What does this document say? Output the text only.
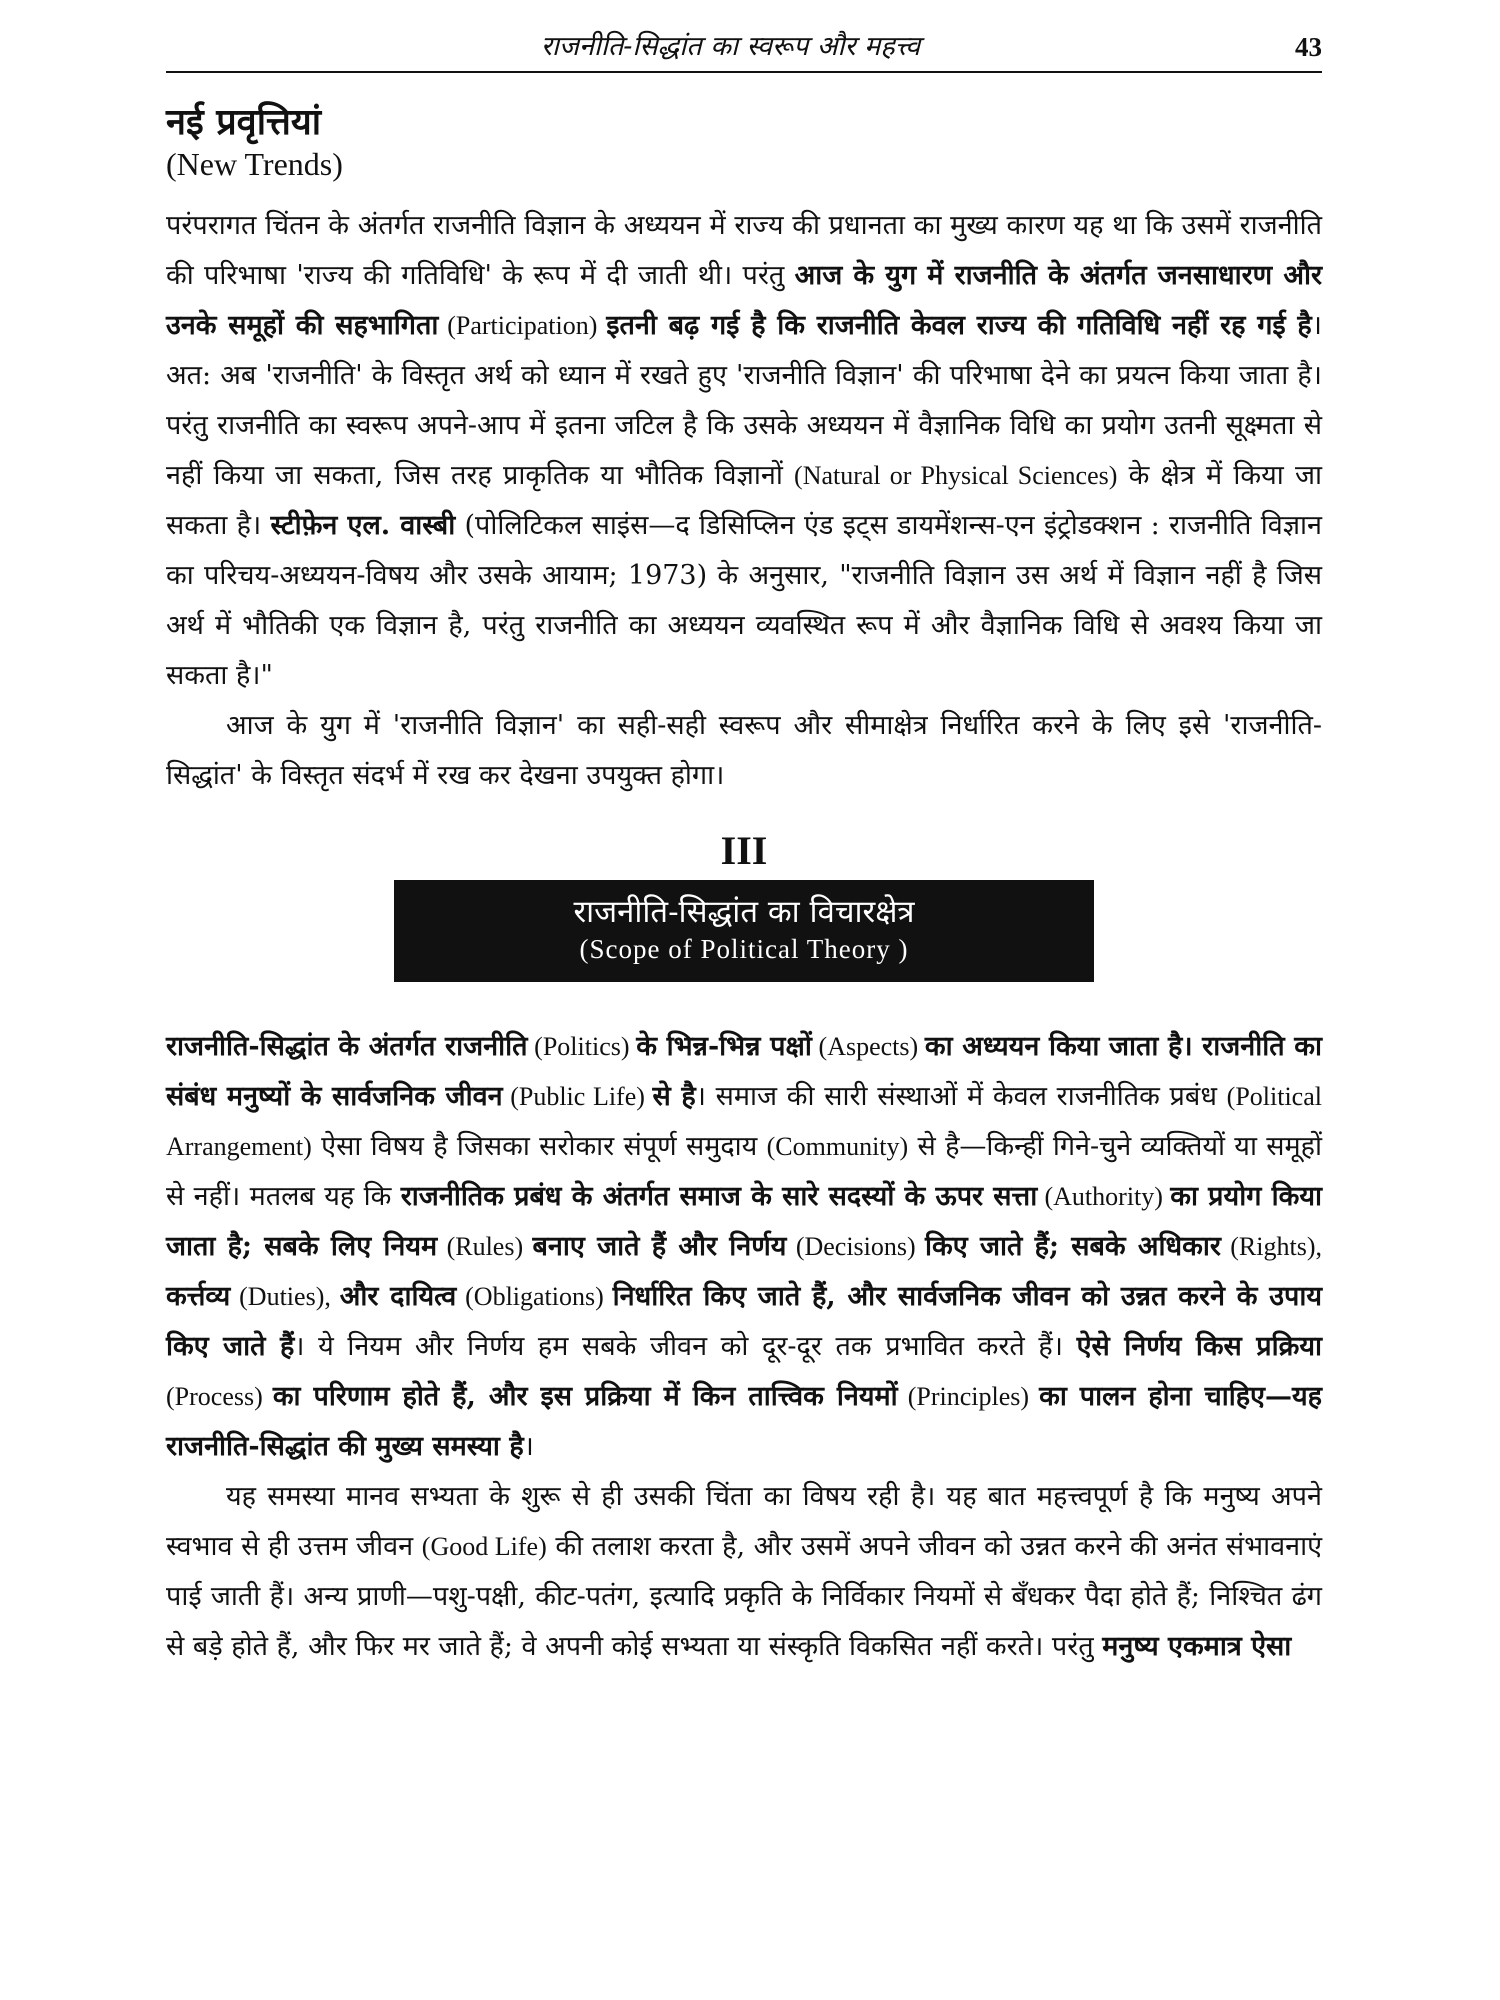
राजनीति-सिद्धांत का स्वरूप और महत्त्व	43
नई प्रवृत्तियां
(New Trends)

परंपरागत चिंतन के अंतर्गत राजनीति विज्ञान के अध्ययन में राज्य की प्रधानता का मुख्य कारण यह था कि उसमें राजनीति की परिभाषा 'राज्य की गतिविधि' के रूप में दी जाती थी। परंतु आज के युग में राजनीति के अंतर्गत जनसाधारण और उनके समूहों की सहभागिता (Participation) इतनी बढ़ गई है कि राजनीति केवल राज्य की गतिविधि नहीं रह गई है। अत: अब 'राजनीति' के विस्तृत अर्थ को ध्यान में रखते हुए 'राजनीति विज्ञान' की परिभाषा देने का प्रयत्न किया जाता है। परंतु राजनीति का स्वरूप अपने-आप में इतना जटिल है कि उसके अध्ययन में वैज्ञानिक विधि का प्रयोग उतनी सूक्ष्मता से नहीं किया जा सकता, जिस तरह प्राकृतिक या भौतिक विज्ञानों (Natural or Physical Sciences) के क्षेत्र में किया जा सकता है। स्टीफ़ेन एल. वास्बी (पोलिटिकल साइंस—द डिसिप्लिन एंड इट्स डायमेंशन्स-एन इंट्रोडक्शन : राजनीति विज्ञान का परिचय-अध्ययन-विषय और उसके आयाम; 1973) के अनुसार, "राजनीति विज्ञान उस अर्थ में विज्ञान नहीं है जिस अर्थ में भौतिकी एक विज्ञान है, परंतु राजनीति का अध्ययन व्यवस्थित रूप में और वैज्ञानिक विधि से अवश्य किया जा सकता है।"

आज के युग में 'राजनीति विज्ञान' का सही-सही स्वरूप और सीमाक्षेत्र निर्धारित करने के लिए इसे 'राजनीति-सिद्धांत' के विस्तृत संदर्भ में रख कर देखना उपयुक्त होगा।

III
राजनीति-सिद्धांत का विचारक्षेत्र
(Scope of Political Theory )

राजनीति-सिद्धांत के अंतर्गत राजनीति (Politics) के भिन्न-भिन्न पक्षों (Aspects) का अध्ययन किया जाता है। राजनीति का संबंध मनुष्यों के सार्वजनिक जीवन (Public Life) से है। समाज की सारी संस्थाओं में केवल राजनीतिक प्रबंध (Political Arrangement) ऐसा विषय है जिसका सरोकार संपूर्ण समुदाय (Community) से है—किन्हीं गिने-चुने व्यक्तियों या समूहों से नहीं। मतलब यह कि राजनीतिक प्रबंध के अंतर्गत समाज के सारे सदस्यों के ऊपर सत्ता (Authority) का प्रयोग किया जाता है; सबके लिए नियम (Rules) बनाए जाते हैं और निर्णय (Decisions) किए जाते हैं; सबके अधिकार (Rights), कर्त्तव्य (Duties), और दायित्व (Obligations) निर्धारित किए जाते हैं, और सार्वजनिक जीवन को उन्नत करने के उपाय किए जाते हैं। ये नियम और निर्णय हम सबके जीवन को दूर-दूर तक प्रभावित करते हैं। ऐसे निर्णय किस प्रक्रिया (Process) का परिणाम होते हैं, और इस प्रक्रिया में किन तात्त्विक नियमों (Principles) का पालन होना चाहिए—यह राजनीति-सिद्धांत की मुख्य समस्या है।

यह समस्या मानव सभ्यता के शुरू से ही उसकी चिंता का विषय रही है। यह बात महत्त्वपूर्ण है कि मनुष्य अपने स्वभाव से ही उत्तम जीवन (Good Life) की तलाश करता है, और उसमें अपने जीवन को उन्नत करने की अनंत संभावनाएं पाई जाती हैं। अन्य प्राणी—पशु-पक्षी, कीट-पतंग, इत्यादि प्रकृति के निर्विकार नियमों से बँधकर पैदा होते हैं; निश्चित ढंग से बड़े होते हैं, और फिर मर जाते हैं; वे अपनी कोई सभ्यता या संस्कृति विकसित नहीं करते। परंतु मनुष्य एकमात्र ऐसा
